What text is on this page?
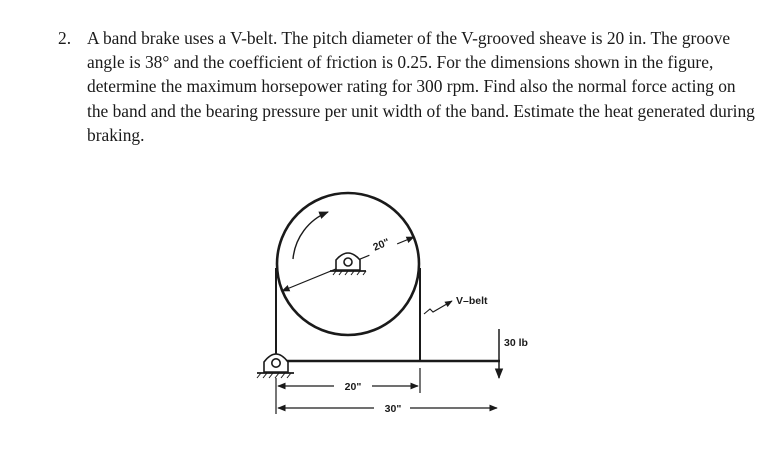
2. A band brake uses a V-belt. The pitch diameter of the V-grooved sheave is 20 in. The groove angle is 38° and the coefficient of friction is 0.25. For the dimensions shown in the figure, determine the maximum horsepower rating for 300 rpm. Find also the normal force acting on the band and the bearing pressure per unit width of the band. Estimate the heat generated during braking.
20"
V–belt
30 lb
20"
30"
